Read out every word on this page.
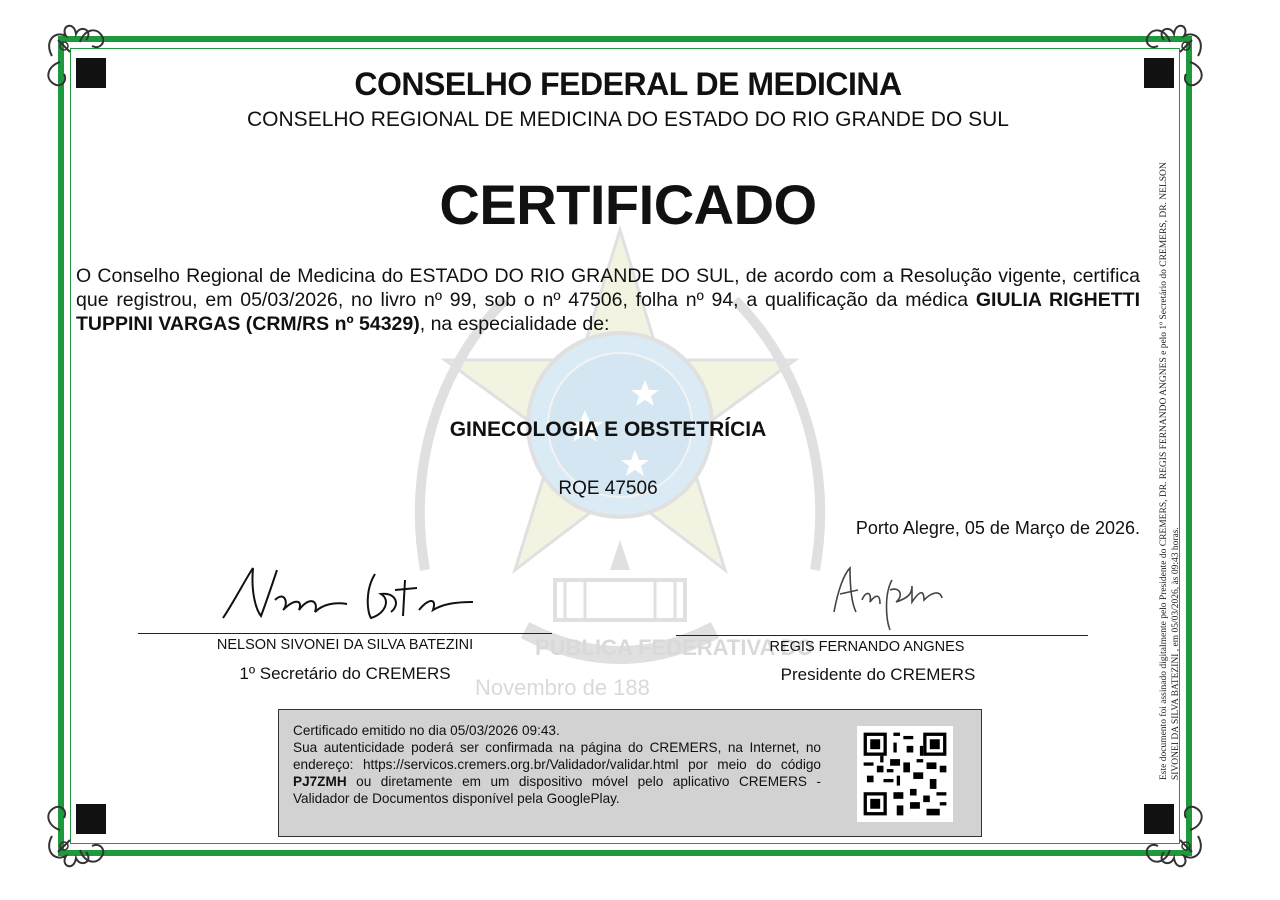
PUBLICA FEDERATIVA DO
Novembro de 188
CONSELHO FEDERAL DE MEDICINA
CONSELHO REGIONAL DE MEDICINA DO ESTADO DO RIO GRANDE DO SUL
CERTIFICADO
O Conselho Regional de Medicina do ESTADO DO RIO GRANDE DO SUL, de acordo com a Resolução vigente, certifica que registrou, em 05/03/2026, no livro nº 99, sob o nº 47506, folha nº 94, a qualificação da médica GIULIA RIGHETTI TUPPINI VARGAS (CRM/RS nº 54329), na especialidade de:
GINECOLOGIA E OBSTETRÍCIA
RQE 47506
Porto Alegre, 05 de Março de 2026.
NELSON SIVONEI DA SILVA BATEZINI
1º Secretário do CREMERS
REGIS FERNANDO ANGNES
Presidente do CREMERS
Certificado emitido no dia 05/03/2026 09:43.
Sua autenticidade poderá ser confirmada na página do CREMERS, na Internet, no endereço: https://servicos.cremers.org.br/Validador/validar.html por meio do código PJ7ZMH ou diretamente em um dispositivo móvel pelo aplicativo CREMERS - Validador de Documentos disponível pela GooglePlay.
Este documento foi assinado digitalmente pelo Presidente do CREMERS, DR. REGIS FERNANDO ANGNES e pelo 1º Secretário do CREMERS, DR. NELSON SIVONEI DA SILVA BATEZINI , em 05/03/2026, às 09:43 horas.
